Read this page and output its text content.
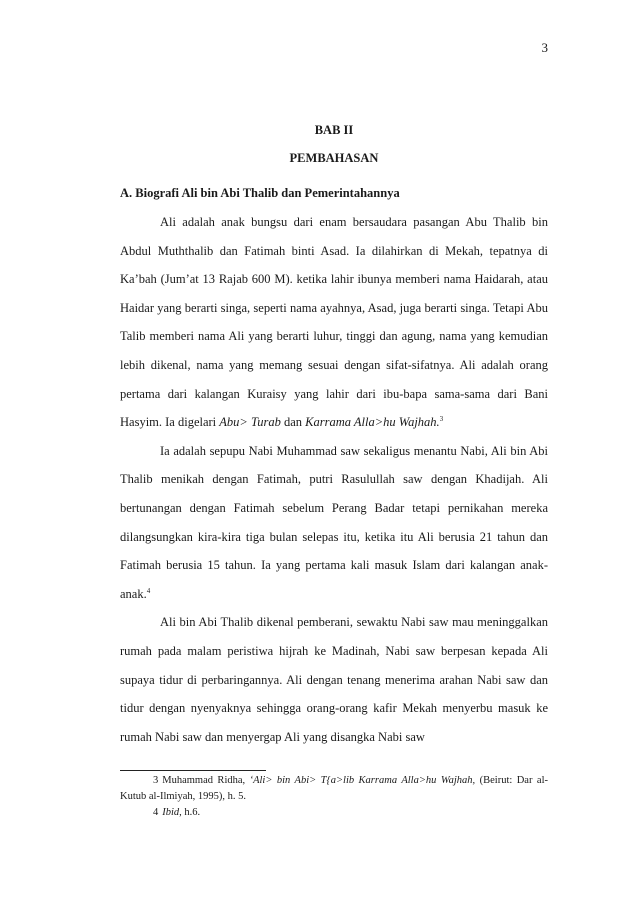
3
BAB II
PEMBAHASAN
A. Biografi Ali bin Abi Thalib dan Pemerintahannya

Ali adalah anak bungsu dari enam bersaudara pasangan Abu Thalib bin Abdul Muththalib dan Fatimah binti Asad. Ia dilahirkan di Mekah, tepatnya di Ka’bah (Jum’at 13 Rajab 600 M). ketika lahir ibunya memberi nama Haidarah, atau Haidar yang berarti singa, seperti nama ayahnya, Asad, juga berarti singa. Tetapi Abu Talib memberi nama Ali yang berarti luhur, tinggi dan agung, nama yang kemudian lebih dikenal, nama yang memang sesuai dengan sifat-sifatnya. Ali adalah orang pertama dari kalangan Kuraisy yang lahir dari ibu-bapa sama-sama dari Bani Hasyim. Ia digelari Abu> Turab dan Karrama Alla>hu Wajhah.$^3$

Ia adalah sepupu Nabi Muhammad saw sekaligus menantu Nabi, Ali bin Abi Thalib menikah dengan Fatimah, putri Rasulullah saw dengan Khadijah. Ali bertunangan dengan Fatimah sebelum Perang Badar tetapi pernikahan mereka dilangsungkan kira-kira tiga bulan selepas itu, ketika itu Ali berusia 21 tahun dan Fatimah berusia 15 tahun. Ia yang pertama kali masuk Islam dari kalangan anak-anak.$^4$

Ali bin Abi Thalib dikenal pemberani, sewaktu Nabi saw mau meninggalkan rumah pada malam peristiwa hijrah ke Madinah, Nabi saw berpesan kepada Ali supaya tidur di perbaringannya. Ali dengan tenang menerima arahan Nabi saw dan tidur dengan nyenyaknya sehingga orang-orang kafir Mekah menyerbu masuk ke rumah Nabi saw dan menyergap Ali yang disangka Nabi saw

3 Muhammad Ridha, ‘Ali> bin Abi> T{a>lib Karrama Alla>hu Wajhah, (Beirut: Dar al-Kutub al-Ilmiyah, 1995), h. 5.
4 Ibid, h.6.
